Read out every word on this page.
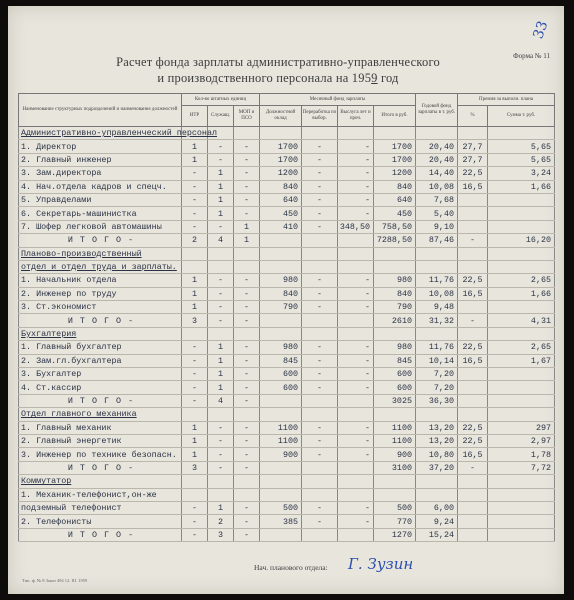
33
Форма № 11
Расчет фонда зарплаты административно-управленческого
и производственного персонала на 1959 год
Наименование структурных подразделений и наименование должностей	Кол-во штатных единиц			Месячный фонд зарплаты				Годовой фонд зарплаты в т. руб.	Премия за выполн. плана	
	ИТР	Служащ.	МОП и ПСО	Должностной оклад	Переработка по выбор.	Выслуга лет и проч.	Итого в руб.		%	Сумма т. руб.
Административно-управленческий персонал										
1. Директор	1	-	-	1700	-	-	1700	20,40	27,7	5,65
2. Главный инженер	1	-	-	1700	-	-	1700	20,40	27,7	5,65
3. Зам.директора	-	1	-	1200	-	-	1200	14,40	22,5	3,24
4. Нач.отдела кадров и спецч.	-	1	-	840	-	-	840	10,08	16,5	1,66
5. Управделами	-	1	-	640	-	-	640	7,68		
6. Секретарь-машинистка	-	1	-	450	-	-	450	5,40		
7. Шофер легковой автомашины	-	-	1	410	-	348,50	758,50	9,10		
И Т О Г О -	2	4	1				7288,50	87,46	-	16,20
Планово-производственный										
отдел и отдел труда и зарплаты.										
1. Начальник отдела	1	-	-	980	-	-	980	11,76	22,5	2,65
2. Инженер по труду	1	-	-	840	-	-	840	10,08	16,5	1,66
3. Ст.экономист	1	-	-	790	-	-	790	9,48		
И Т О Г О -	3	-	-				2610	31,32	-	4,31
Бухгалтерия										
1. Главный бухгалтер	-	1	-	980	-	-	980	11,76	22,5	2,65
2. Зам.гл.бухгалтера	-	1	-	845	-	-	845	10,14	16,5	1,67
3. Бухгалтер	-	1	-	600	-	-	600	7,20		
4. Ст.кассир	-	1	-	600	-	-	600	7,20		
И Т О Г О -	-	4	-				3025	36,30		
Отдел главного механика										
1. Главный механик	1	-	-	1100	-	-	1100	13,20	22,5	297
2. Главный энергетик	1	-	-	1100	-	-	1100	13,20	22,5	2,97
3. Инженер по технике безопасн.	1	-	-	900	-	-	900	10,80	16,5	1,78
И Т О Г О -	3	-	-				3100	37,20	-	7,72
Коммутатор										
1. Механик-телефонист,он-же										
подземный телефонист	-	1	-	500	-	-	500	6,00		
2. Телефонисты	-	2	-	385	-	-	770	9,24		
И Т О Г О -	-	3	-				1270	15,24		
Нач. планового отдела: Г. Зузин
Тип. ф. № 8 Заказ 494 12. III. 1959
